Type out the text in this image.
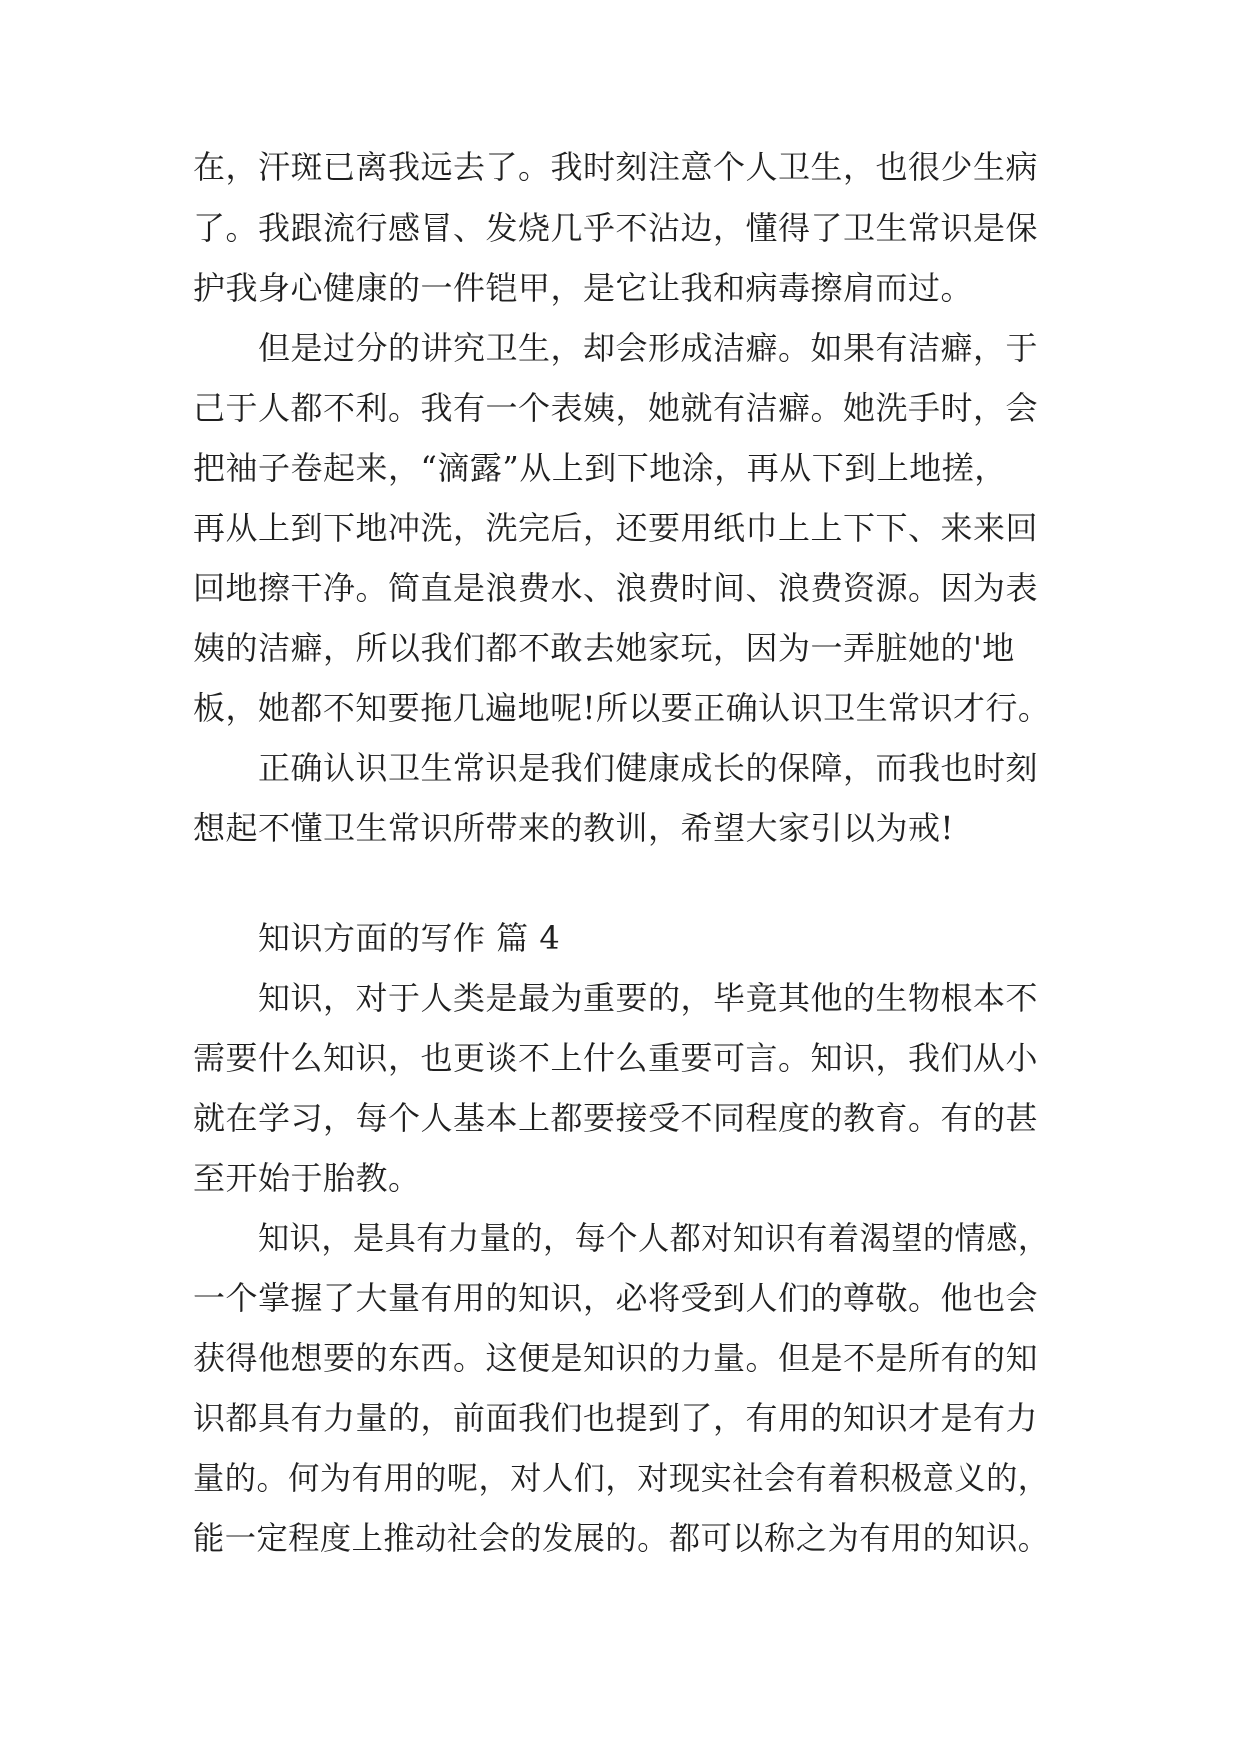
在，汗斑已离我远去了。我时刻注意个人卫生，也很少生病
了。我跟流行感冒、发烧几乎不沾边，懂得了卫生常识是保
护我身心健康的一件铠甲，是它让我和病毒擦肩而过。
但是过分的讲究卫生，却会形成洁癖。如果有洁癖，于
己于人都不利。我有一个表姨，她就有洁癖。她洗手时，会
把袖子卷起来，“滴露”从上到下地涂，再从下到上地搓，
再从上到下地冲洗，洗完后，还要用纸巾上上下下、来来回
回地擦干净。简直是浪费水、浪费时间、浪费资源。因为表
姨的洁癖，所以我们都不敢去她家玩，因为一弄脏她的'地
板，她都不知要拖几遍地呢!所以要正确认识卫生常识才行。
正确认识卫生常识是我们健康成长的保障，而我也时刻
想起不懂卫生常识所带来的教训，希望大家引以为戒!
知识方面的写作 篇 4
知识，对于人类是最为重要的，毕竟其他的生物根本不
需要什么知识，也更谈不上什么重要可言。知识，我们从小
就在学习，每个人基本上都要接受不同程度的教育。有的甚
至开始于胎教。
知识，是具有力量的，每个人都对知识有着渴望的情感，
一个掌握了大量有用的知识，必将受到人们的尊敬。他也会
获得他想要的东西。这便是知识的力量。但是不是所有的知
识都具有力量的，前面我们也提到了，有用的知识才是有力
量的。何为有用的呢，对人们，对现实社会有着积极意义的，
能一定程度上推动社会的发展的。都可以称之为有用的知识。
